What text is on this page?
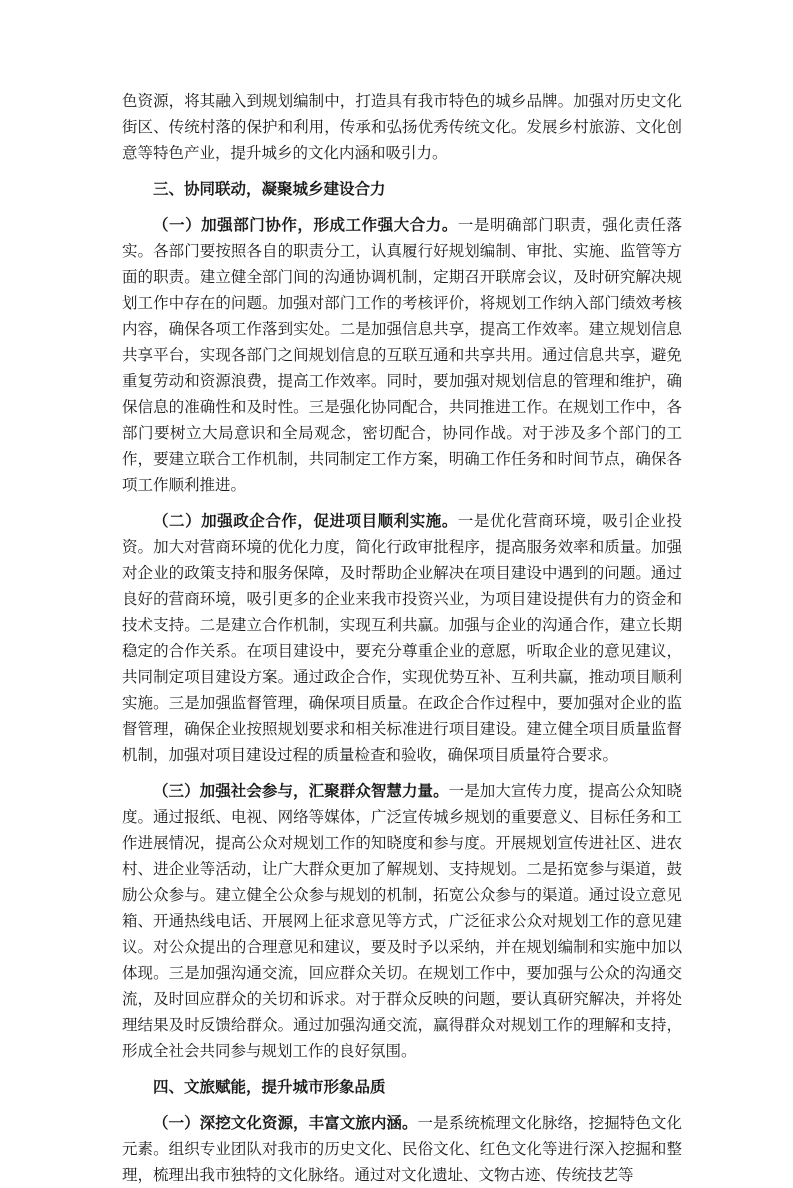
色资源，将其融入到规划编制中，打造具有我市特色的城乡品牌。加强对历史文化街区、传统村落的保护和利用，传承和弘扬优秀传统文化。发展乡村旅游、文化创意等特色产业，提升城乡的文化内涵和吸引力。

三、协同联动，凝聚城乡建设合力

（一）加强部门协作，形成工作强大合力。一是明确部门职责，强化责任落实。各部门要按照各自的职责分工，认真履行好规划编制、审批、实施、监管等方面的职责。建立健全部门间的沟通协调机制，定期召开联席会议，及时研究解决规划工作中存在的问题。加强对部门工作的考核评价，将规划工作纳入部门绩效考核内容，确保各项工作落到实处。二是加强信息共享，提高工作效率。建立规划信息共享平台，实现各部门之间规划信息的互联互通和共享共用。通过信息共享，避免重复劳动和资源浪费，提高工作效率。同时，要加强对规划信息的管理和维护，确保信息的准确性和及时性。三是强化协同配合，共同推进工作。在规划工作中，各部门要树立大局意识和全局观念，密切配合，协同作战。对于涉及多个部门的工作，要建立联合工作机制，共同制定工作方案，明确工作任务和时间节点，确保各项工作顺利推进。

（二）加强政企合作，促进项目顺利实施。一是优化营商环境，吸引企业投资。加大对营商环境的优化力度，简化行政审批程序，提高服务效率和质量。加强对企业的政策支持和服务保障，及时帮助企业解决在项目建设中遇到的问题。通过良好的营商环境，吸引更多的企业来我市投资兴业，为项目建设提供有力的资金和技术支持。二是建立合作机制，实现互利共赢。加强与企业的沟通合作，建立长期稳定的合作关系。在项目建设中，要充分尊重企业的意愿，听取企业的意见建议，共同制定项目建设方案。通过政企合作，实现优势互补、互利共赢，推动项目顺利实施。三是加强监督管理，确保项目质量。在政企合作过程中，要加强对企业的监督管理，确保企业按照规划要求和相关标准进行项目建设。建立健全项目质量监督机制，加强对项目建设过程的质量检查和验收，确保项目质量符合要求。

（三）加强社会参与，汇聚群众智慧力量。一是加大宣传力度，提高公众知晓度。通过报纸、电视、网络等媒体，广泛宣传城乡规划的重要意义、目标任务和工作进展情况，提高公众对规划工作的知晓度和参与度。开展规划宣传进社区、进农村、进企业等活动，让广大群众更加了解规划、支持规划。二是拓宽参与渠道，鼓励公众参与。建立健全公众参与规划的机制，拓宽公众参与的渠道。通过设立意见箱、开通热线电话、开展网上征求意见等方式，广泛征求公众对规划工作的意见建议。对公众提出的合理意见和建议，要及时予以采纳，并在规划编制和实施中加以体现。三是加强沟通交流，回应群众关切。在规划工作中，要加强与公众的沟通交流，及时回应群众的关切和诉求。对于群众反映的问题，要认真研究解决，并将处理结果及时反馈给群众。通过加强沟通交流，赢得群众对规划工作的理解和支持，形成全社会共同参与规划工作的良好氛围。

四、文旅赋能，提升城市形象品质

（一）深挖文化资源，丰富文旅内涵。一是系统梳理文化脉络，挖掘特色文化元素。组织专业团队对我市的历史文化、民俗文化、红色文化等进行深入挖掘和整理，梳理出我市独特的文化脉络。通过对文化遗址、文物古迹、传统技艺等
